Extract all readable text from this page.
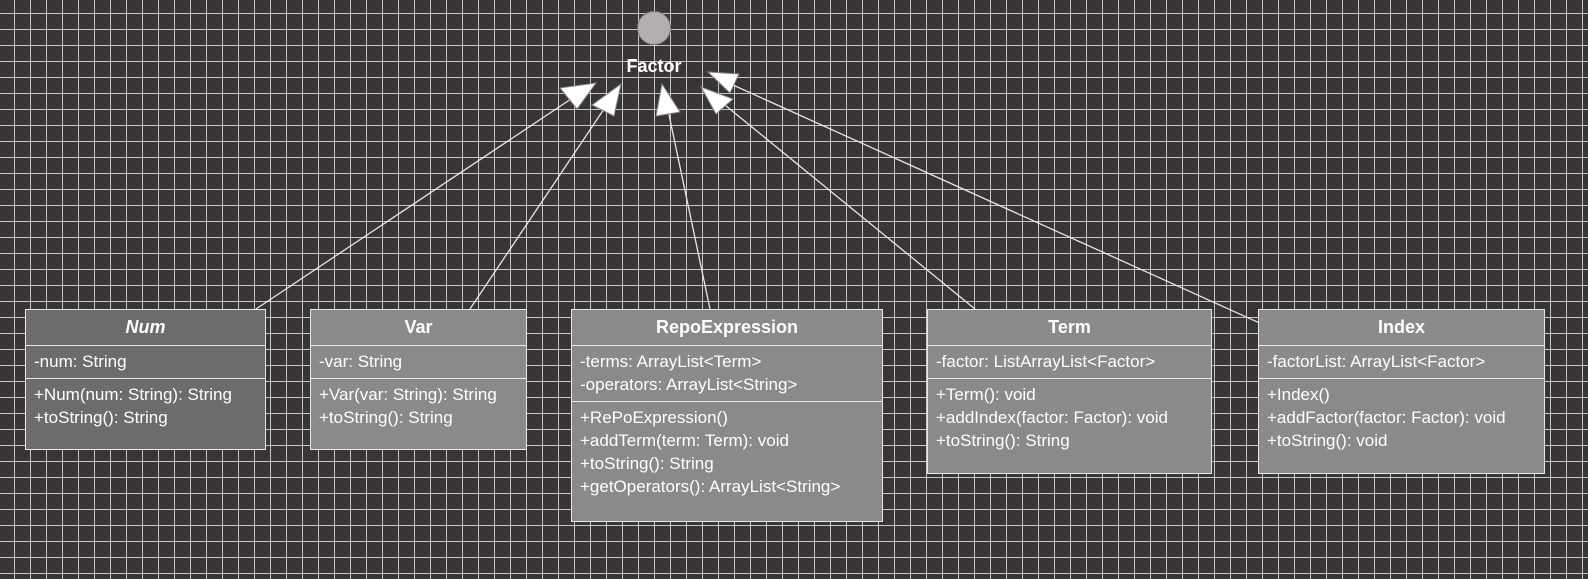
Factor
Num
-num: String
+Num(num: String): String
+toString(): String
Var
-var: String
+Var(var: String): String
+toString(): String
RepoExpression
-terms: ArrayList<Term>
-operators: ArrayList<String>
+RePoExpression()
+addTerm(term: Term): void
+toString(): String
+getOperators(): ArrayList<String>
Term
-factor: ListArrayList<Factor>
+Term(): void
+addIndex(factor: Factor): void
+toString(): String
Index
-factorList: ArrayList<Factor>
+Index()
+addFactor(factor: Factor): void
+toString(): void
